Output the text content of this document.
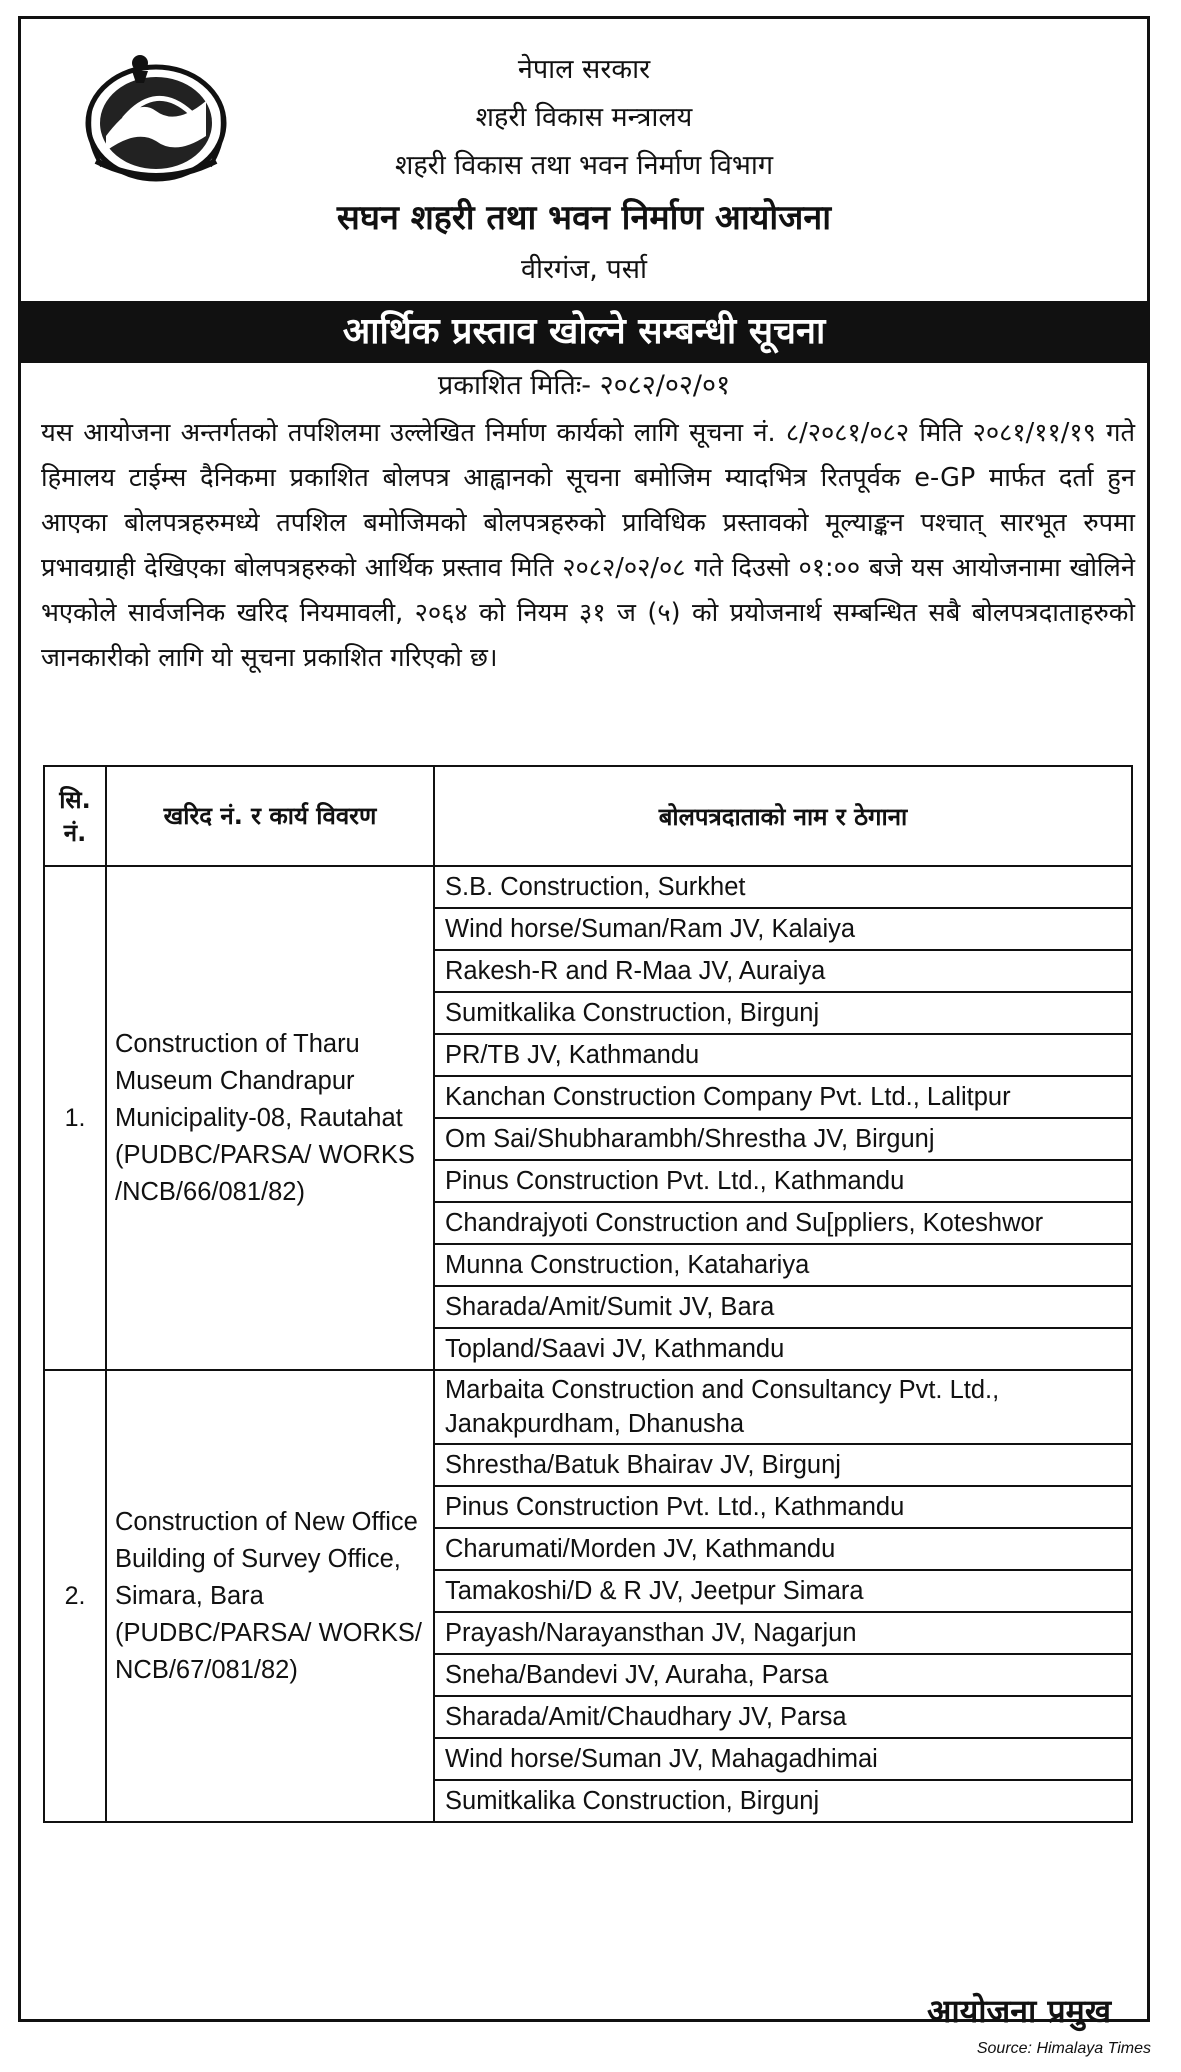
नेपाल सरकार
शहरी विकास मन्त्रालय
शहरी विकास तथा भवन निर्माण विभाग
सघन शहरी तथा भवन निर्माण आयोजना
वीरगंज, पर्सा
आर्थिक प्रस्ताव खोल्ने सम्बन्धी सूचना
प्रकाशित मितिः- २०८२/०२/०१
यस आयोजना अन्तर्गतको तपशिलमा उल्लेखित निर्माण कार्यको लागि सूचना नं. ८/२०८१/०८२ मिति २०८१/११/१९ गते हिमालय टाईम्स दैनिकमा प्रकाशित बोलपत्र आह्वानको सूचना बमोजिम म्यादभित्र रितपूर्वक e-GP मार्फत दर्ता हुन आएका बोलपत्रहरुमध्ये तपशिल बमोजिमको बोलपत्रहरुको प्राविधिक प्रस्तावको मूल्याङ्कन पश्चात् सारभूत रुपमा प्रभावग्राही देखिएका बोलपत्रहरुको आर्थिक प्रस्ताव मिति २०८२/०२/०८ गते दिउसो ०१:०० बजे यस आयोजनामा खोलिने भएकोले सार्वजनिक खरिद नियमावली, २०६४ को नियम ३१ ज (५) को प्रयोजनार्थ सम्बन्धित सबै बोलपत्रदाताहरुको जानकारीको लागि यो सूचना प्रकाशित गरिएको छ।
सि. नं.	खरिद नं. र कार्य विवरण	बोलपत्रदाताको नाम र ठेगाना
1.	Construction of Tharu Museum Chandrapur Municipality-08, Rautahat (PUDBC/PARSA/ WORKS /NCB/66/081/82)	S.B. Construction, Surkhet
		Wind horse/Suman/Ram JV, Kalaiya
		Rakesh-R and R-Maa JV, Auraiya
		Sumitkalika Construction, Birgunj
		PR/TB JV, Kathmandu
		Kanchan Construction Company Pvt. Ltd., Lalitpur
		Om Sai/Shubharambh/Shrestha JV, Birgunj
		Pinus Construction Pvt. Ltd., Kathmandu
		Chandrajyoti Construction and Su[ppliers, Koteshwor
		Munna Construction, Katahariya
		Sharada/Amit/Sumit JV, Bara
		Topland/Saavi JV, Kathmandu
2.	Construction of New Office Building of Survey Office, Simara, Bara (PUDBC/PARSA/ WORKS/ NCB/67/081/82)	Marbaita Construction and Consultancy Pvt. Ltd., Janakpurdham, Dhanusha
		Shrestha/Batuk Bhairav JV, Birgunj
		Pinus Construction Pvt. Ltd., Kathmandu
		Charumati/Morden JV, Kathmandu
		Tamakoshi/D & R JV, Jeetpur Simara
		Prayash/Narayansthan JV, Nagarjun
		Sneha/Bandevi JV, Auraha, Parsa
		Sharada/Amit/Chaudhary JV, Parsa
		Wind horse/Suman JV, Mahagadhimai
		Sumitkalika Construction, Birgunj
आयोजना प्रमुख
Source: Himalaya Times
